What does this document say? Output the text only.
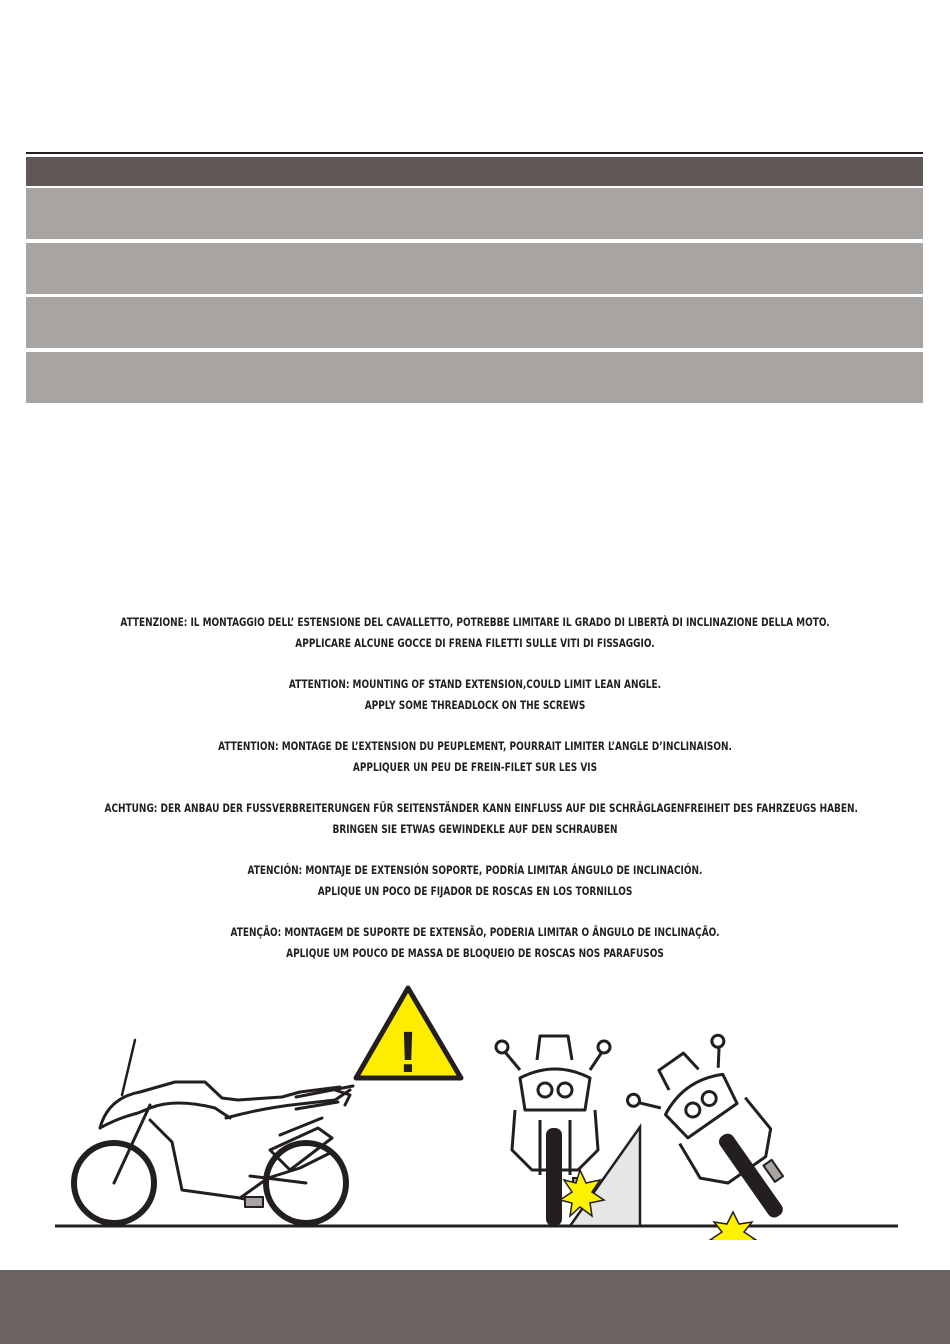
ATTENZIONE: IL MONTAGGIO DELL’ ESTENSIONE DEL CAVALLETTO, POTREBBE LIMITARE IL GRADO DI LIBERTÀ DI INCLINAZIONE DELLA MOTO.
APPLICARE ALCUNE GOCCE DI FRENA FILETTI SULLE VITI DI FISSAGGIO.
ATTENTION: MOUNTING OF STAND EXTENSION,COULD LIMIT LEAN ANGLE.
APPLY SOME THREADLOCK ON THE SCREWS
ATTENTION: MONTAGE DE L’EXTENSION DU PEUPLEMENT, POURRAIT LIMITER L’ANGLE D’INCLINAISON.
APPLIQUER UN PEU DE FREIN-FILET SUR LES VIS
ACHTUNG: DER ANBAU DER FUSSVERBREITERUNGEN FÜR SEITENSTÄNDER KANN EINFLUSS AUF DIE SCHRÄGLAGENFREIHEIT DES FAHRZEUGS HABEN.
BRINGEN SIE ETWAS GEWINDEKLE AUF DEN SCHRAUBEN
ATENCIÓN: MONTAJE DE EXTENSIÓN SOPORTE, PODRÍA LIMITAR ÁNGULO DE INCLINACIÓN.
APLIQUE UN POCO DE FIJADOR DE ROSCAS EN LOS TORNILLOS
ATENÇÃO: MONTAGEM DE SUPORTE DE EXTENSÃO, PODERIA LIMITAR O ÂNGULO DE INCLINAÇÃO.
APLIQUE UM POUCO DE MASSA DE BLOQUEIO DE ROSCAS NOS PARAFUSOS
!
